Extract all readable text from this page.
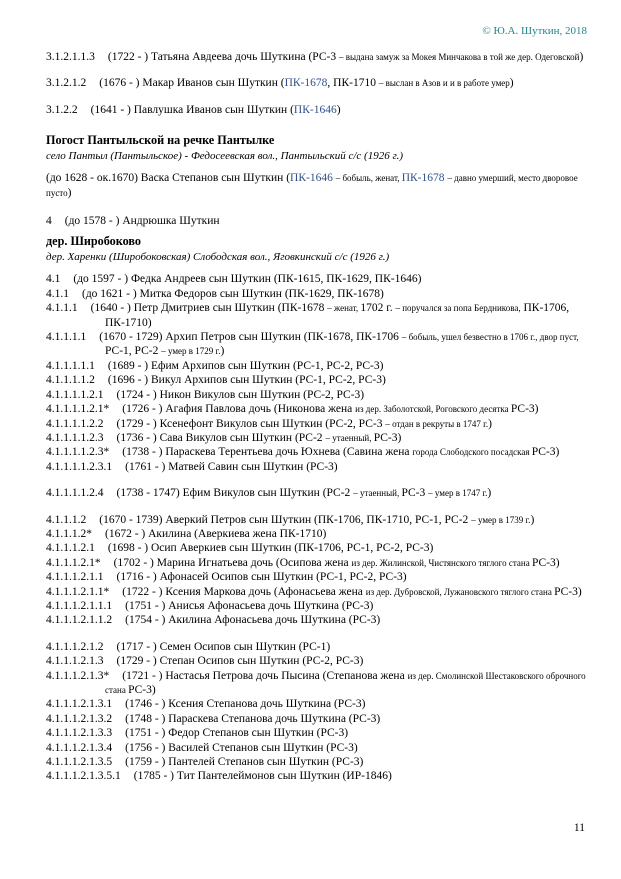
© Ю.А. Шуткин, 2018
3.1.2.1.1.3 (1722 - ) Татьяна Авдеева дочь Шуткина (РС-3 – выдана замуж за Мокея Минчакова в той же дер. Одеговской)
3.1.2.1.2 (1676 - ) Макар Иванов сын Шуткин (ПК-1678, ПК-1710 – выслан в Азов и и в работе умер)
3.1.2.2 (1641 - ) Павлушка Иванов сын Шуткин (ПК-1646)
Погост Пантыльской на речке Пантылке
село Пантыл (Пантыльское) - Федосеевская вол., Пантыльский с/с (1926 г.)
(до 1628 - ок.1670) Васка Степанов сын Шуткин (ПК-1646 – бобыль, женат, ПК-1678 – давно умерший, место дворовое пусто)
4 (до 1578 - ) Андрюшка Шуткин
дер. Широбоково
дер. Харенки (Широбоковская) Слободская вол., Яговкинский с/с (1926 г.)
4.1 (до 1597 - ) Федка Андреев сын Шуткин (ПК-1615, ПК-1629, ПК-1646)
4.1.1 (до 1621 - ) Митка Федоров сын Шуткин (ПК-1629, ПК-1678)
4.1.1.1 (1640 - ) Петр Дмитриев сын Шуткин (ПК-1678 – женат, 1702 г. – поручался за попа Бердникова, ПК-1706, ПК-1710)
4.1.1.1.1 (1670 - 1729) Архип Петров сын Шуткин (ПК-1678, ПК-1706 – бобыль, ушел безвестно в 1706 г., двор пуст, РС-1, РС-2 – умер в 1729 г.)
4.1.1.1.1.1 (1689 - ) Ефим Архипов сын Шуткин (РС-1, РС-2, РС-3)
4.1.1.1.1.2 (1696 - ) Викул Архипов сын Шуткин (РС-1, РС-2, РС-3)
4.1.1.1.1.2.1 (1724 - ) Никон Викулов сын Шуткин (РС-2, РС-3)
4.1.1.1.1.2.1* (1726 - ) Агафия Павлова дочь (Никонова жена из дер. Заболотской, Роговского десятка РС-3)
4.1.1.1.1.2.2 (1729 - ) Ксенефонт Викулов сын Шуткин (РС-2, РС-3 – отдан в рекруты в 1747 г.)
4.1.1.1.1.2.3 (1736 - ) Сава Викулов сын Шуткин (РС-2 – утаенный, РС-3)
4.1.1.1.1.2.3* (1738 - ) Параскева Терентьева дочь Юхнева (Савина жена города Слободского посадская РС-3)
4.1.1.1.1.2.3.1 (1761 - ) Матвей Савин сын Шуткин (РС-3)
4.1.1.1.1.2.4 (1738 - 1747) Ефим Викулов сын Шуткин (РС-2 – утаенный, РС-3 – умер в 1747 г.)
4.1.1.1.2 (1670 - 1739) Аверкий Петров сын Шуткин (ПК-1706, ПК-1710, РС-1, РС-2 – умер в 1739 г.)
4.1.1.1.2* (1672 - ) Акилина (Аверкиева жена ПК-1710)
4.1.1.1.2.1 (1698 - ) Осип Аверкиев сын Шуткин (ПК-1706, РС-1, РС-2, РС-3)
4.1.1.1.2.1* (1702 - ) Марина Игнатьева дочь (Осипова жена из дер. Жилинской, Чистянского тяглого стана РС-3)
4.1.1.1.2.1.1 (1716 - ) Афонасей Осипов сын Шуткин (РС-1, РС-2, РС-3)
4.1.1.1.2.1.1* (1722 - ) Ксения Маркова дочь (Афонасьева жена из дер. Дубровской, Лужановского тяглого стана РС-3)
4.1.1.1.2.1.1.1 (1751 - ) Анисья Афонасьева дочь Шуткина (РС-3)
4.1.1.1.2.1.1.2 (1754 - ) Акилина Афонасьева дочь Шуткина (РС-3)
4.1.1.1.2.1.2 (1717 - ) Семен Осипов сын Шуткин (РС-1)
4.1.1.1.2.1.3 (1729 - ) Степан Осипов сын Шуткин (РС-2, РС-3)
4.1.1.1.2.1.3* (1721 - ) Настасья Петрова дочь Пысина (Степанова жена из дер. Смолинской Шестаковского оброчного стана РС-3)
4.1.1.1.2.1.3.1 (1746 - ) Ксения Степанова дочь Шуткина (РС-3)
4.1.1.1.2.1.3.2 (1748 - ) Параскева Степанова дочь Шуткина (РС-3)
4.1.1.1.2.1.3.3 (1751 - ) Федор Степанов сын Шуткин (РС-3)
4.1.1.1.2.1.3.4 (1756 - ) Василей Степанов сын Шуткин (РС-3)
4.1.1.1.2.1.3.5 (1759 - ) Пантелей Степанов сын Шуткин (РС-3)
4.1.1.1.2.1.3.5.1 (1785 - ) Тит Пантелеймонов сын Шуткин (ИР-1846)
11
